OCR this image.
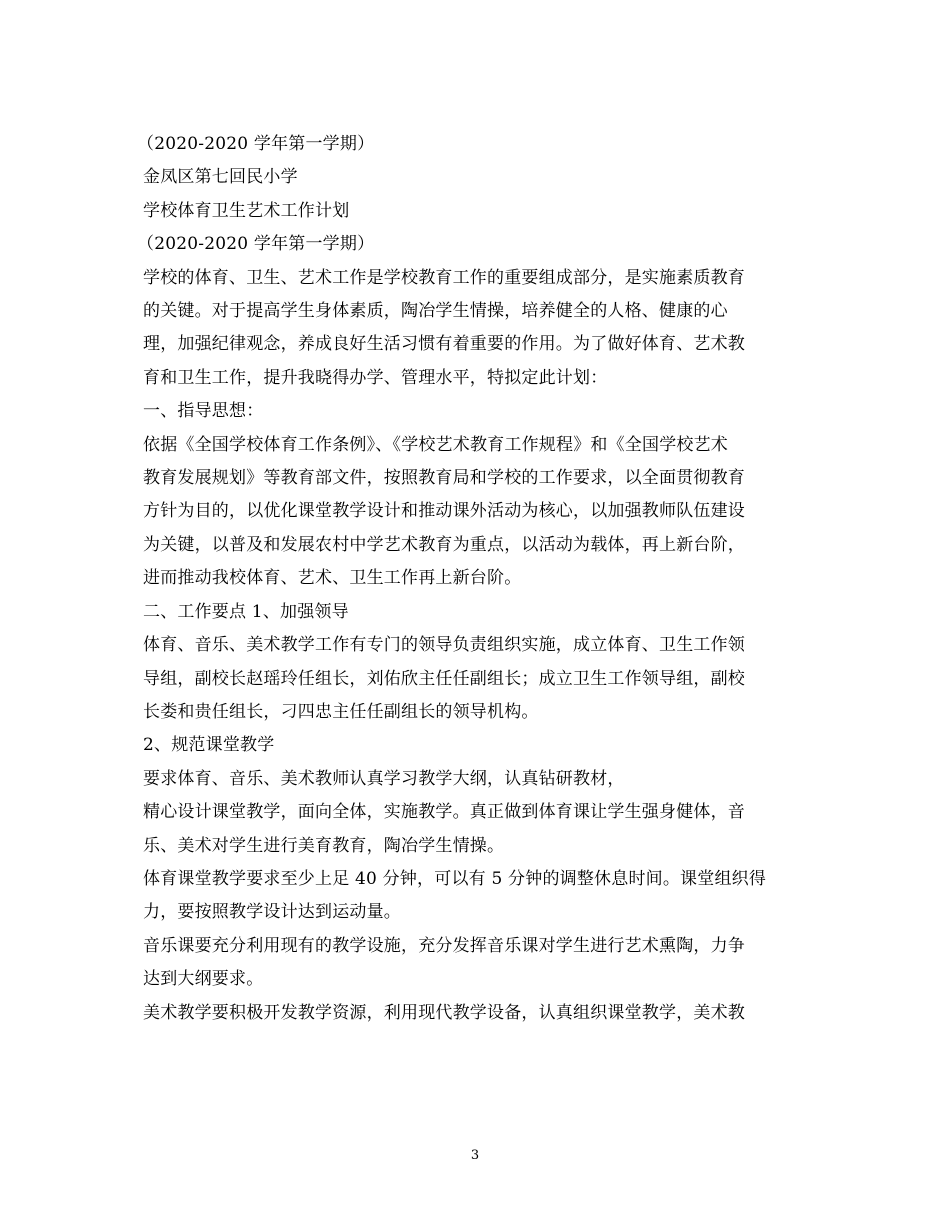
（2020-2020 学年第一学期）
金凤区第七回民小学
学校体育卫生艺术工作计划
（2020-2020 学年第一学期）
学校的体育、卫生、艺术工作是学校教育工作的重要组成部分，是实施素质教育
的关键。对于提高学生身体素质，陶冶学生情操，培养健全的人格、健康的心
理，加强纪律观念，养成良好生活习惯有着重要的作用。为了做好体育、艺术教
育和卫生工作，提升我晓得办学、管理水平，特拟定此计划：
一、指导思想：
依据《全国学校体育工作条例》、《学校艺术教育工作规程》和《全国学校艺术
教育发展规划》等教育部文件，按照教育局和学校的工作要求，以全面贯彻教育
方针为目的，以优化课堂教学设计和推动课外活动为核心，以加强教师队伍建设
为关键，以普及和发展农村中学艺术教育为重点，以活动为载体，再上新台阶，
进而推动我校体育、艺术、卫生工作再上新台阶。
二、工作要点 1、加强领导
体育、音乐、美术教学工作有专门的领导负责组织实施，成立体育、卫生工作领
导组，副校长赵瑶玲任组长，刘佑欣主任任副组长；成立卫生工作领导组，副校
长娄和贵任组长，刁四忠主任任副组长的领导机构。
2、规范课堂教学
要求体育、音乐、美术教师认真学习教学大纲，认真钻研教材，
精心设计课堂教学，面向全体，实施教学。真正做到体育课让学生强身健体，音
乐、美术对学生进行美育教育，陶冶学生情操。
体育课堂教学要求至少上足 40 分钟，可以有 5 分钟的调整休息时间。课堂组织得
力，要按照教学设计达到运动量。
音乐课要充分利用现有的教学设施，充分发挥音乐课对学生进行艺术熏陶，力争
达到大纲要求。
美术教学要积极开发教学资源，利用现代教学设备，认真组织课堂教学，美术教
3
